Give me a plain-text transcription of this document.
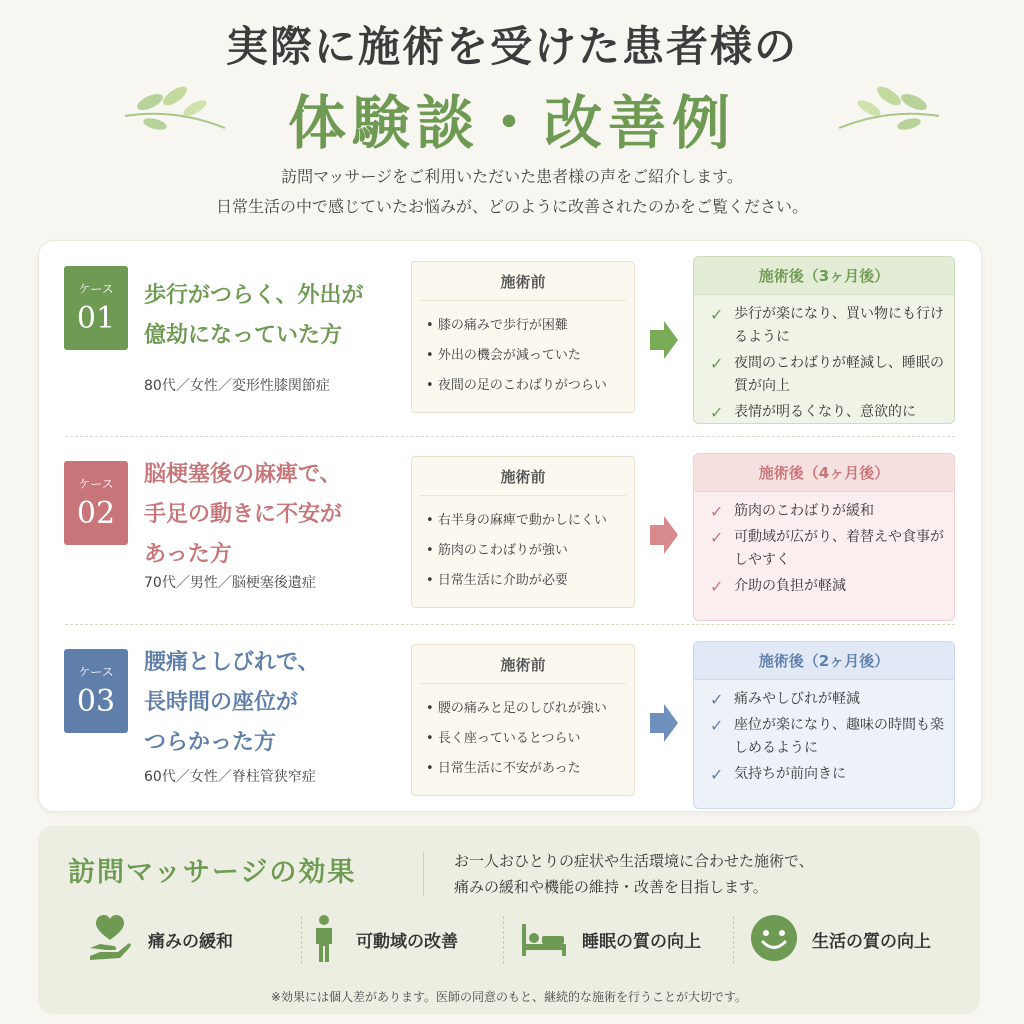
実際に施術を受けた患者様の
体験談・改善例
訪問マッサージをご利用いただいた患者様の声をご紹介します。
日常生活の中で感じていたお悩みが、どのように改善されたのかをご覧ください。
ケース
01
歩行がつらく、外出が
億劫になっていた方
80代／女性／変形性膝関節症
施術前
• 膝の痛みで歩行が困難
• 外出の機会が減っていた
• 夜間の足のこわばりがつらい
施術後（3ヶ月後）
✓ 歩行が楽になり、買い物にも行けるように
✓ 夜間のこわばりが軽減し、睡眠の質が向上
✓ 表情が明るくなり、意欲的に
ケース
02
脳梗塞後の麻痺で、
手足の動きに不安が
あった方
70代／男性／脳梗塞後遺症
施術前
• 右半身の麻痺で動かしにくい
• 筋肉のこわばりが強い
• 日常生活に介助が必要
施術後（4ヶ月後）
✓ 筋肉のこわばりが緩和
✓ 可動域が広がり、着替えや食事がしやすく
✓ 介助の負担が軽減
ケース
03
腰痛としびれで、
長時間の座位が
つらかった方
60代／女性／脊柱管狭窄症
施術前
• 腰の痛みと足のしびれが強い
• 長く座っているとつらい
• 日常生活に不安があった
施術後（2ヶ月後）
✓ 痛みやしびれが軽減
✓ 座位が楽になり、趣味の時間も楽しめるように
✓ 気持ちが前向きに
訪問マッサージの効果	お一人おひとりの症状や生活環境に合わせた施術で、
痛みの緩和や機能の維持・改善を目指します。
痛みの緩和	可動域の改善	睡眠の質の向上	生活の質の向上
※効果には個人差があります。医師の同意のもと、継続的な施術を行うことが大切です。
